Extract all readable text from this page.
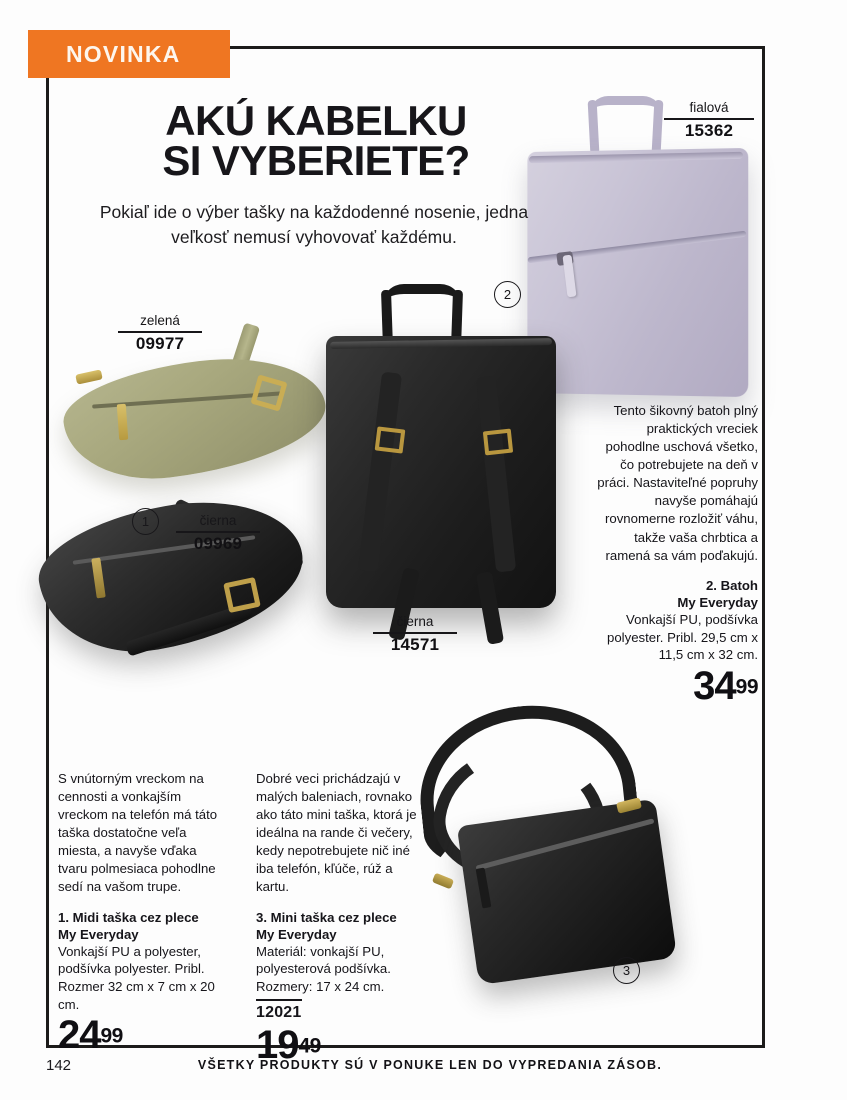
NOVINKA
AKÚ KABELKU
SI VYBERIETE?
Pokiaľ ide o výber tašky na každodenné nosenie, jedna veľkosť nemusí vyhovovať každému.
fialová
15362
zelená
09977
čierna
09969
čierna
14571
1
2
3
Tento šikovný batoh plný praktických vreciek pohodlne uschová všetko, čo potrebujete na deň v práci. Nastaviteľné popruhy navyše pomáhajú rovnomerne rozložiť váhu, takže vaša chrbtica a ramená sa vám poďakujú.
2. Batoh
My Everyday
Vonkajší PU, podšívka polyester. Pribl. 29,5 cm x 11,5 cm x 32 cm.
3499
S vnútorným vreckom na cennosti a vonkajším vreckom na telefón má táto taška dostatočne veľa miesta, a navyše vďaka tvaru polmesiaca pohodlne sedí na vašom trupe.
1. Midi taška cez plece
My Everyday
Vonkajší PU a polyester, podšívka polyester. Pribl. Rozmer 32 cm x 7 cm x 20 cm.
2499
Dobré veci prichádzajú v malých baleniach, rovnako ako táto mini taška, ktorá je ideálna na rande či večery, kedy nepotrebujete nič iné iba telefón, kľúče, rúž a kartu.
3. Mini taška cez plece
My Everyday
Materiál: vonkajší PU, polyesterová podšívka. Rozmery: 17 x 24 cm.
12021
1949
142	VŠETKY PRODUKTY SÚ V PONUKE LEN DO VYPREDANIA ZÁSOB.
